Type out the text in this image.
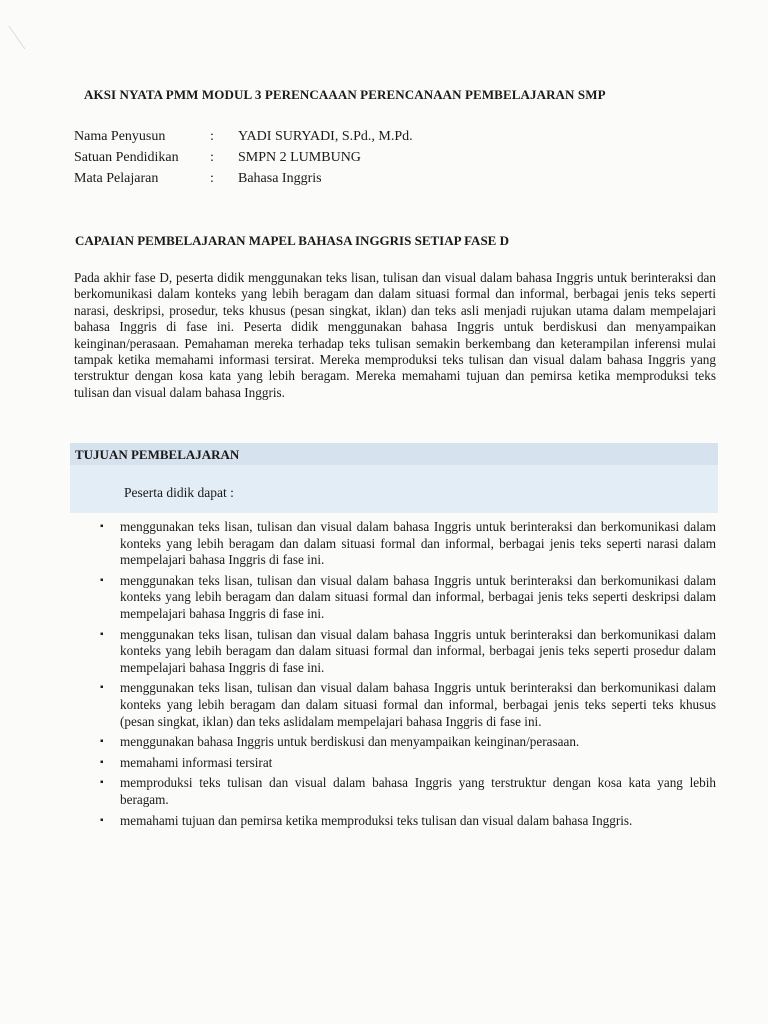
AKSI NYATA PMM MODUL 3 PERENCAAAN PERENCANAAN PEMBELAJARAN SMP
Nama Penyusun	:	YADI SURYADI, S.Pd., M.Pd.
Satuan Pendidikan	:	SMPN 2 LUMBUNG
Mata Pelajaran	:	Bahasa Inggris
CAPAIAN PEMBELAJARAN MAPEL BAHASA INGGRIS SETIAP FASE D
Pada akhir fase D, peserta didik menggunakan teks lisan, tulisan dan visual dalam bahasa Inggris untuk berinteraksi dan berkomunikasi dalam konteks yang lebih beragam dan dalam situasi formal dan informal, berbagai jenis teks seperti narasi, deskripsi, prosedur, teks khusus (pesan singkat, iklan) dan teks asli menjadi rujukan utama dalam mempelajari bahasa Inggris di fase ini. Peserta didik menggunakan bahasa Inggris untuk berdiskusi dan menyampaikan keinginan/perasaan. Pemahaman mereka terhadap teks tulisan semakin berkembang dan keterampilan inferensi mulai tampak ketika memahami informasi tersirat. Mereka memproduksi teks tulisan dan visual dalam bahasa Inggris yang terstruktur dengan kosa kata yang lebih beragam. Mereka memahami tujuan dan pemirsa ketika memproduksi teks tulisan dan visual dalam bahasa Inggris.
TUJUAN PEMBELAJARAN
Peserta didik dapat :
▪ menggunakan teks lisan, tulisan dan visual dalam bahasa Inggris untuk berinteraksi dan berkomunikasi dalam konteks yang lebih beragam dan dalam situasi formal dan informal, berbagai jenis teks seperti narasi dalam mempelajari bahasa Inggris di fase ini.
▪ menggunakan teks lisan, tulisan dan visual dalam bahasa Inggris untuk berinteraksi dan berkomunikasi dalam konteks yang lebih beragam dan dalam situasi formal dan informal, berbagai jenis teks seperti deskripsi dalam mempelajari bahasa Inggris di fase ini.
▪ menggunakan teks lisan, tulisan dan visual dalam bahasa Inggris untuk berinteraksi dan berkomunikasi dalam konteks yang lebih beragam dan dalam situasi formal dan informal, berbagai jenis teks seperti prosedur dalam mempelajari bahasa Inggris di fase ini.
▪ menggunakan teks lisan, tulisan dan visual dalam bahasa Inggris untuk berinteraksi dan berkomunikasi dalam konteks yang lebih beragam dan dalam situasi formal dan informal, berbagai jenis teks seperti teks khusus (pesan singkat, iklan) dan teks aslidalam mempelajari bahasa Inggris di fase ini.
▪ menggunakan bahasa Inggris untuk berdiskusi dan menyampaikan keinginan/perasaan.
▪ memahami informasi tersirat
▪ memproduksi teks tulisan dan visual dalam bahasa Inggris yang terstruktur dengan kosa kata yang lebih beragam.
▪ memahami tujuan dan pemirsa ketika memproduksi teks tulisan dan visual dalam bahasa Inggris.
